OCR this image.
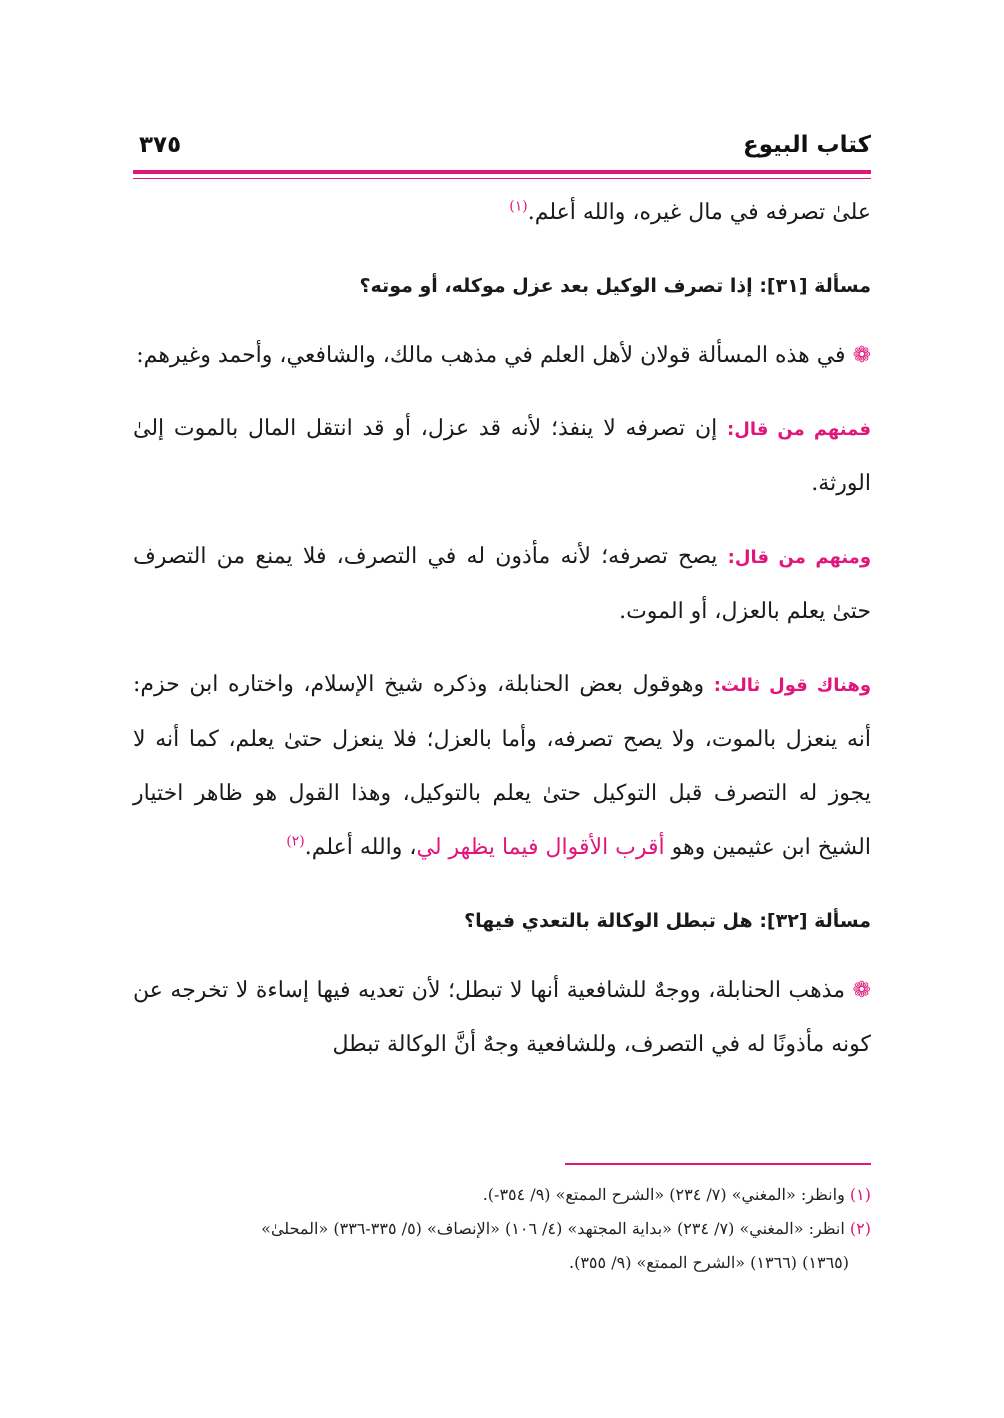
كتاب البيوع
٣٧٥

علىٰ تصرفه في مال غيره، والله أعلم.$^{(١)}$

مسألة [٣١]: إذا تصرف الوكيل بعد عزل موكله، أو موته؟

❁ في هذه المسألة قولان لأهل العلم في مذهب مالك، والشافعي، وأحمد وغيرهم:

فمنهم من قال: إن تصرفه لا ينفذ؛ لأنه قد عزل، أو قد انتقل المال بالموت إلىٰ الورثة.

ومنهم من قال: يصح تصرفه؛ لأنه مأذون له في التصرف، فلا يمنع من التصرف حتىٰ يعلم بالعزل، أو الموت.

وهناك قول ثالث: وهوقول بعض الحنابلة، وذكره شيخ الإسلام، واختاره ابن حزم: أنه ينعزل بالموت، ولا يصح تصرفه، وأما بالعزل؛ فلا ينعزل حتىٰ يعلم، كما أنه لا يجوز له التصرف قبل التوكيل حتىٰ يعلم بالتوكيل، وهذا القول هو ظاهر اختيار الشيخ ابن عثيمين وهو أقرب الأقوال فيما يظهر لي، والله أعلم.$^{(٢)}$

مسألة [٣٢]: هل تبطل الوكالة بالتعدي فيها؟

❁ مذهب الحنابلة، ووجهٌ للشافعية أنها لا تبطل؛ لأن تعديه فيها إساءة لا تخرجه عن كونه مأذونًا له في التصرف، وللشافعية وجهٌ أنَّ الوكالة تبطل

(١) وانظر: «المغني» (٧/ ٢٣٤) «الشرح الممتع» (٩/ ٣٥٤-).

(٢) انظر: «المغني» (٧/ ٢٣٤) «بداية المجتهد» (٤/ ١٠٦) «الإنصاف» (٥/ ٣٣٥-٣٣٦) «المحلىٰ»

(١٣٦٥) (١٣٦٦) «الشرح الممتع» (٩/ ٣٥٥).
